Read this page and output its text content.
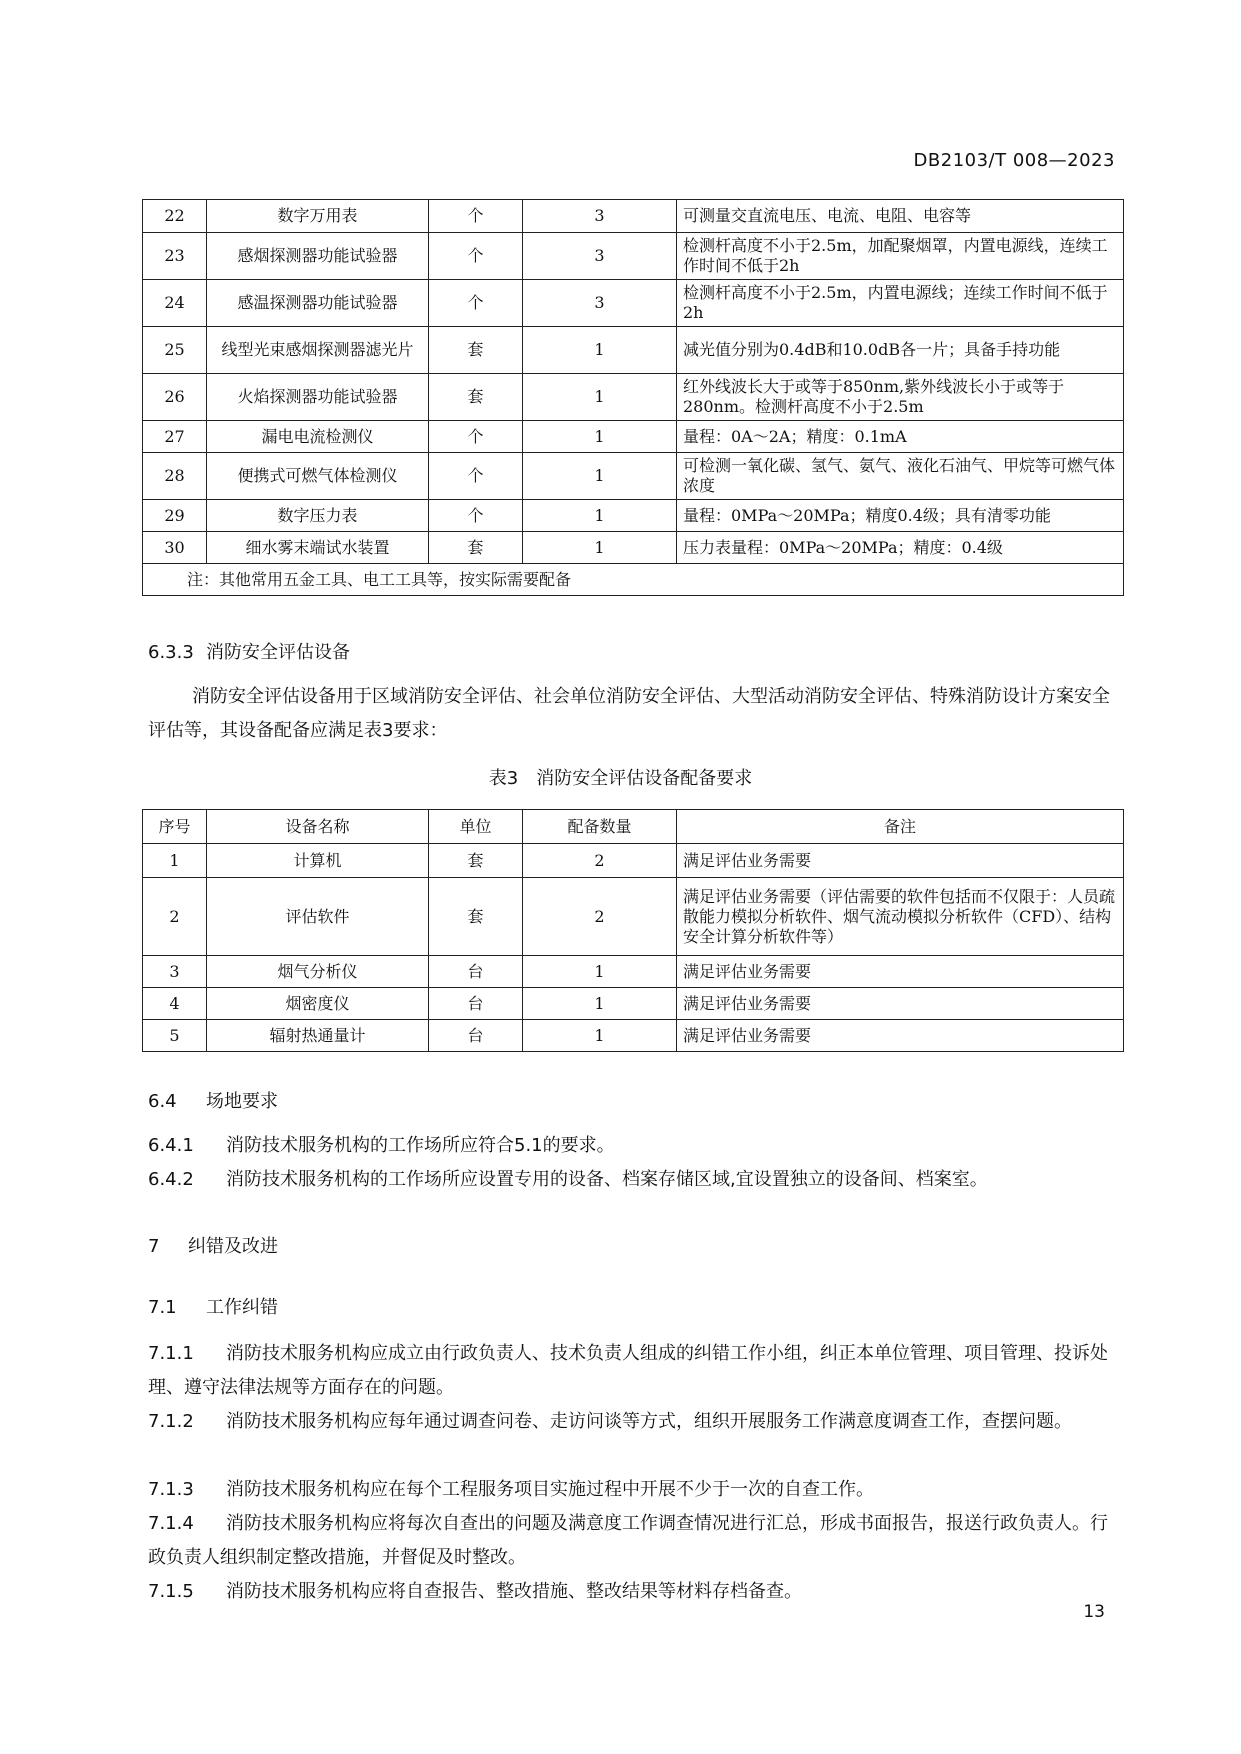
DB2103/T 008—2023
22	数字万用表	个	3	可测量交直流电压、电流、电阻、电容等
23	感烟探测器功能试验器	个	3	检测杆高度不小于2.5m，加配聚烟罩，内置电源线，连续工作时间不低于2h
24	感温探测器功能试验器	个	3	检测杆高度不小于2.5m，内置电源线；连续工作时间不低于2h
25	线型光束感烟探测器滤光片	套	1	减光值分别为0.4dB和10.0dB各一片；具备手持功能
26	火焰探测器功能试验器	套	1	红外线波长大于或等于850nm,紫外线波长小于或等于280nm。检测杆高度不小于2.5m
27	漏电电流检测仪	个	1	量程：0A～2A；精度：0.1mA
28	便携式可燃气体检测仪	个	1	可检测一氧化碳、氢气、氨气、液化石油气、甲烷等可燃气体浓度
29	数字压力表	个	1	量程：0MPa～20MPa；精度0.4级；具有清零功能
30	细水雾末端试水装置	套	1	压力表量程：0MPa～20MPa；精度：0.4级
注：其他常用五金工具、电工工具等，按实际需要配备				
6.3.3 消防安全评估设备
消防安全评估设备用于区域消防安全评估、社会单位消防安全评估、大型活动消防安全评估、特殊消防设计方案安全评估等，其设备配备应满足表3要求：
表3　消防安全评估设备配备要求
序号	设备名称	单位	配备数量	备注
1	计算机	套	2	满足评估业务需要
2	评估软件	套	2	满足评估业务需要（评估需要的软件包括而不仅限于：人员疏散能力模拟分析软件、烟气流动模拟分析软件（CFD）、结构安全计算分析软件等）
3	烟气分析仪	台	1	满足评估业务需要
4	烟密度仪	台	1	满足评估业务需要
5	辐射热通量计	台	1	满足评估业务需要
6.4 场地要求
6.4.1 消防技术服务机构的工作场所应符合5.1的要求。
6.4.2 消防技术服务机构的工作场所应设置专用的设备、档案存储区域,宜设置独立的设备间、档案室。
7 纠错及改进
7.1 工作纠错
7.1.1 消防技术服务机构应成立由行政负责人、技术负责人组成的纠错工作小组，纠正本单位管理、项目管理、投诉处理、遵守法律法规等方面存在的问题。
7.1.2 消防技术服务机构应每年通过调查问卷、走访问谈等方式，组织开展服务工作满意度调查工作，查摆问题。
7.1.3 消防技术服务机构应在每个工程服务项目实施过程中开展不少于一次的自查工作。
7.1.4 消防技术服务机构应将每次自查出的问题及满意度工作调查情况进行汇总，形成书面报告，报送行政负责人。行政负责人组织制定整改措施，并督促及时整改。
7.1.5 消防技术服务机构应将自查报告、整改措施、整改结果等材料存档备查。
13
